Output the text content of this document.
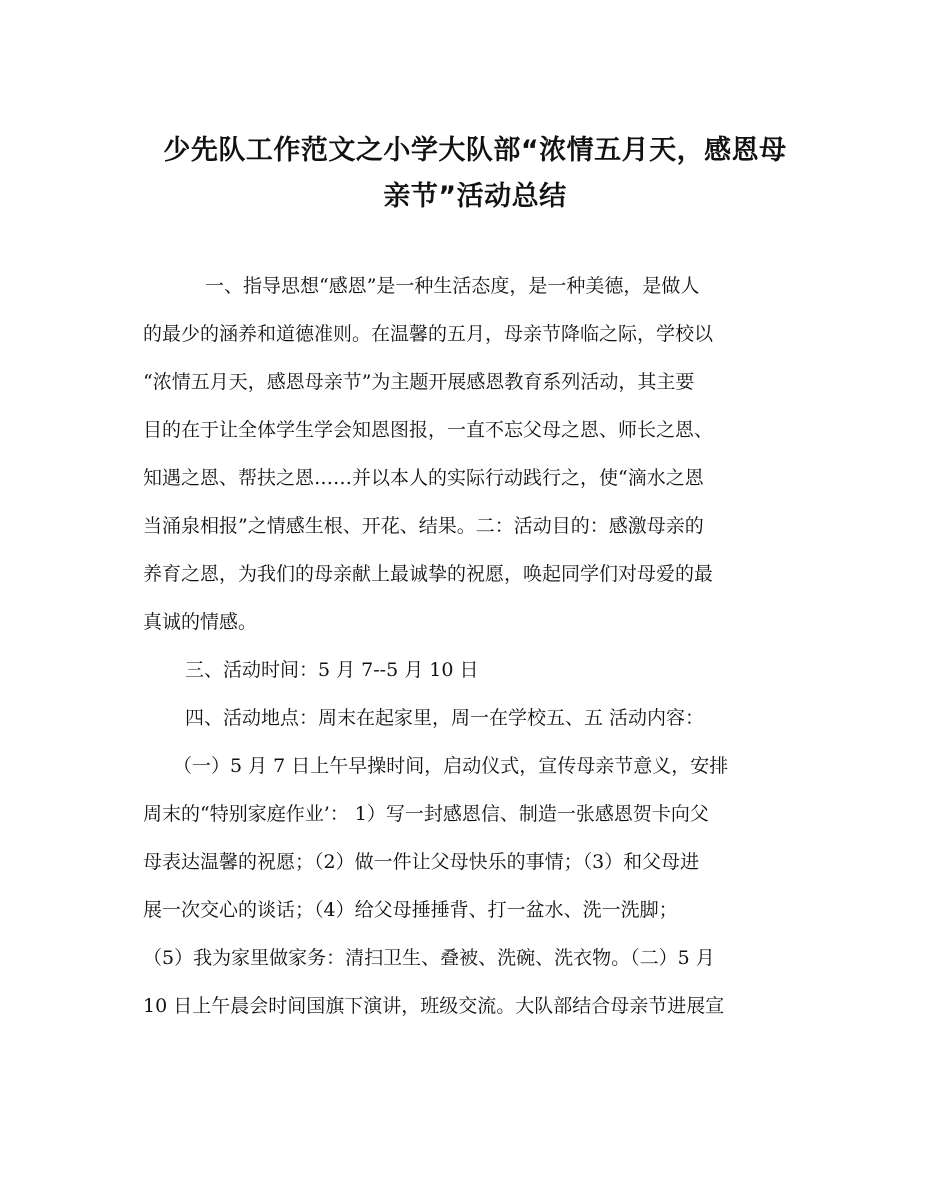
少先队工作范文之小学大队部“浓情五月天，感恩母
亲节”活动总结
一、指导思想“感恩”是一种生活态度，是一种美德，是做人
的最少的涵养和道德准则。在温馨的五月，母亲节降临之际，学校以
“浓情五月天，感恩母亲节”为主题开展感恩教育系列活动，其主要
目的在于让全体学生学会知恩图报，一直不忘父母之恩、师长之恩、
知遇之恩、帮扶之恩……并以本人的实际行动践行之，使“滴水之恩
当涌泉相报”之情感生根、开花、结果。二：活动目的：感激母亲的
养育之恩，为我们的母亲献上最诚挚的祝愿，唤起同学们对母爱的最
真诚的情感。
三、活动时间：5 月 7--5 月 10 日
四、活动地点：周末在起家里，周一在学校五、五 活动内容：
（一）5 月 7 日上午早操时间，启动仪式，宣传母亲节意义，安排
周末的“特别家庭作业’： 1）写一封感恩信、制造一张感恩贺卡向父
母表达温馨的祝愿；（2）做一件让父母快乐的事情；（3）和父母进
展一次交心的谈话；（4）给父母捶捶背、打一盆水、洗一洗脚；
（5）我为家里做家务：清扫卫生、叠被、洗碗、洗衣物。（二）5 月
10 日上午晨会时间国旗下演讲，班级交流。大队部结合母亲节进展宣
